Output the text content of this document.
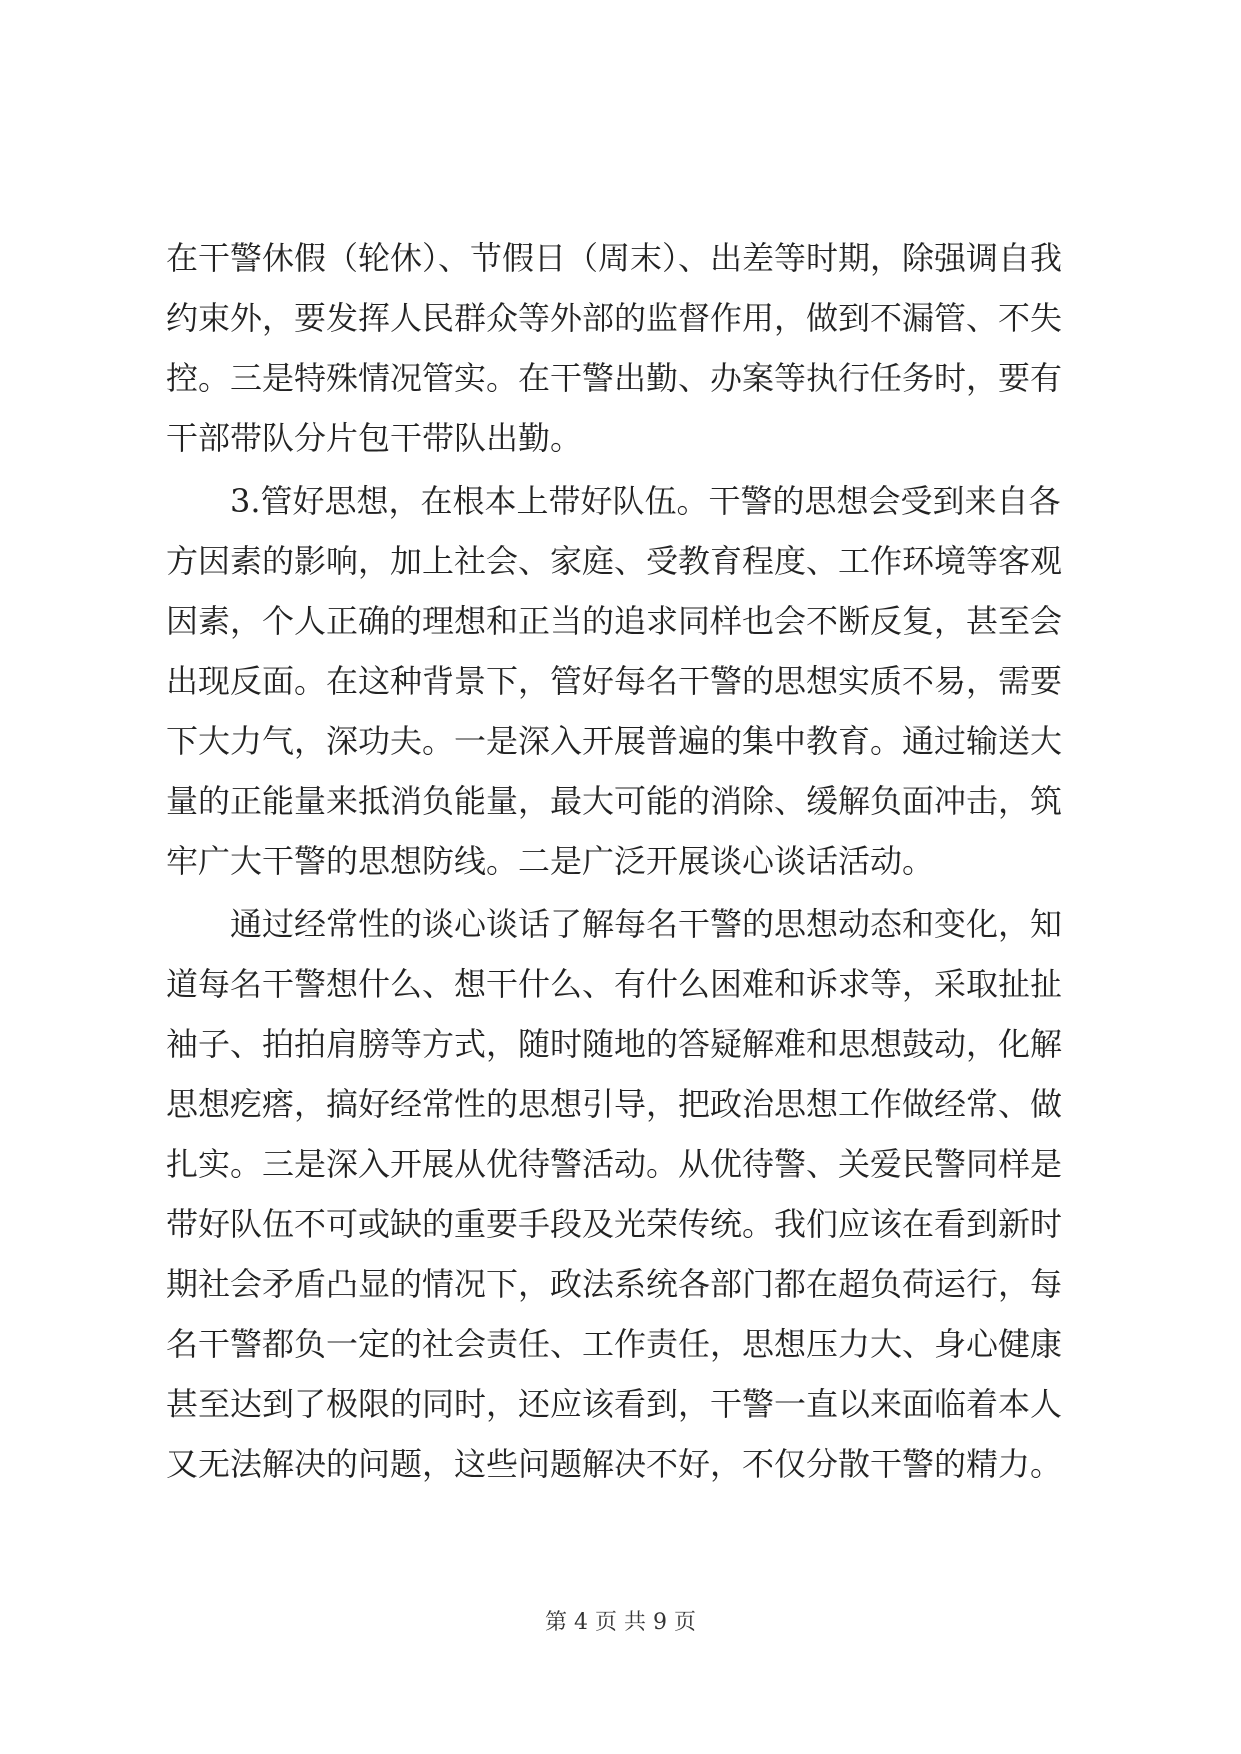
在干警休假（轮休）、节假日（周末）、出差等时期，除强调自我
约束外，要发挥人民群众等外部的监督作用，做到不漏管、不失
控。三是特殊情况管实。在干警出勤、办案等执行任务时，要有
干部带队分片包干带队出勤。
3.管好思想，在根本上带好队伍。干警的思想会受到来自各
方因素的影响，加上社会、家庭、受教育程度、工作环境等客观
因素，个人正确的理想和正当的追求同样也会不断反复，甚至会
出现反面。在这种背景下，管好每名干警的思想实质不易，需要
下大力气，深功夫。一是深入开展普遍的集中教育。通过输送大
量的正能量来抵消负能量，最大可能的消除、缓解负面冲击，筑
牢广大干警的思想防线。二是广泛开展谈心谈话活动。
通过经常性的谈心谈话了解每名干警的思想动态和变化，知
道每名干警想什么、想干什么、有什么困难和诉求等，采取扯扯
袖子、拍拍肩膀等方式，随时随地的答疑解难和思想鼓动，化解
思想疙瘩，搞好经常性的思想引导，把政治思想工作做经常、做
扎实。三是深入开展从优待警活动。从优待警、关爱民警同样是
带好队伍不可或缺的重要手段及光荣传统。我们应该在看到新时
期社会矛盾凸显的情况下，政法系统各部门都在超负荷运行，每
名干警都负一定的社会责任、工作责任，思想压力大、身心健康
甚至达到了极限的同时，还应该看到，干警一直以来面临着本人
又无法解决的问题，这些问题解决不好，不仅分散干警的精力。
第 4 页 共 9 页
